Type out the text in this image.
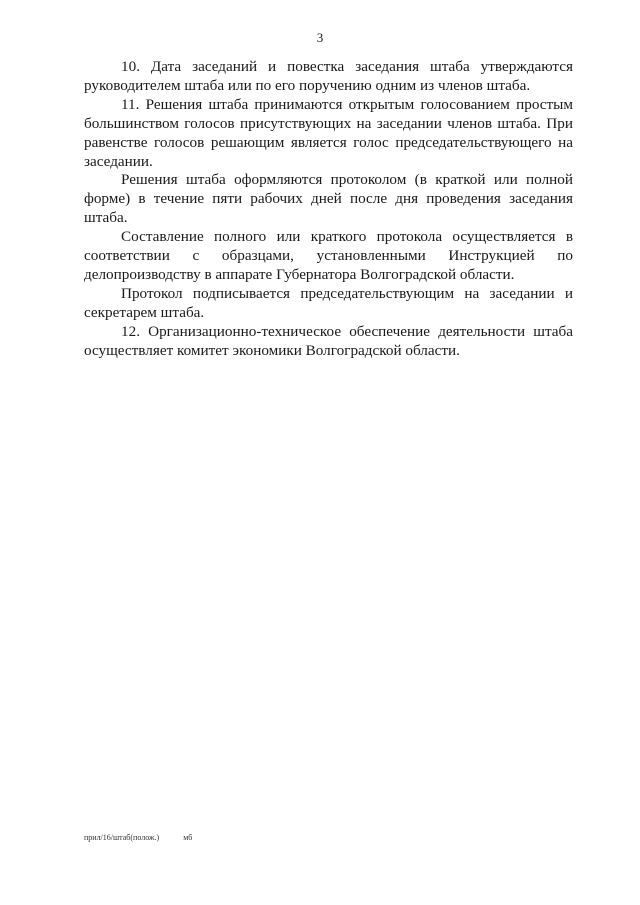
3

10. Дата заседаний и повестка заседания штаба утверждаются руководителем штаба или по его поручению одним из членов штаба.

11. Решения штаба принимаются открытым голосованием простым большинством голосов присутствующих на заседании членов штаба. При равенстве голосов решающим является голос председательствующего на заседании.

Решения штаба оформляются протоколом (в краткой или полной форме) в течение пяти рабочих дней после дня проведения заседания штаба.

Составление полного или краткого протокола осуществляется в соответствии с образцами, установленными Инструкцией по делопроизводству в аппарате Губернатора Волгоградской области.

Протокол подписывается председательствующим на заседании и секретарем штаба.

12. Организационно-техническое обеспечение деятельности штаба осуществляет комитет экономики Волгоградской области.

прил/16/штаб(полож.)	мб
